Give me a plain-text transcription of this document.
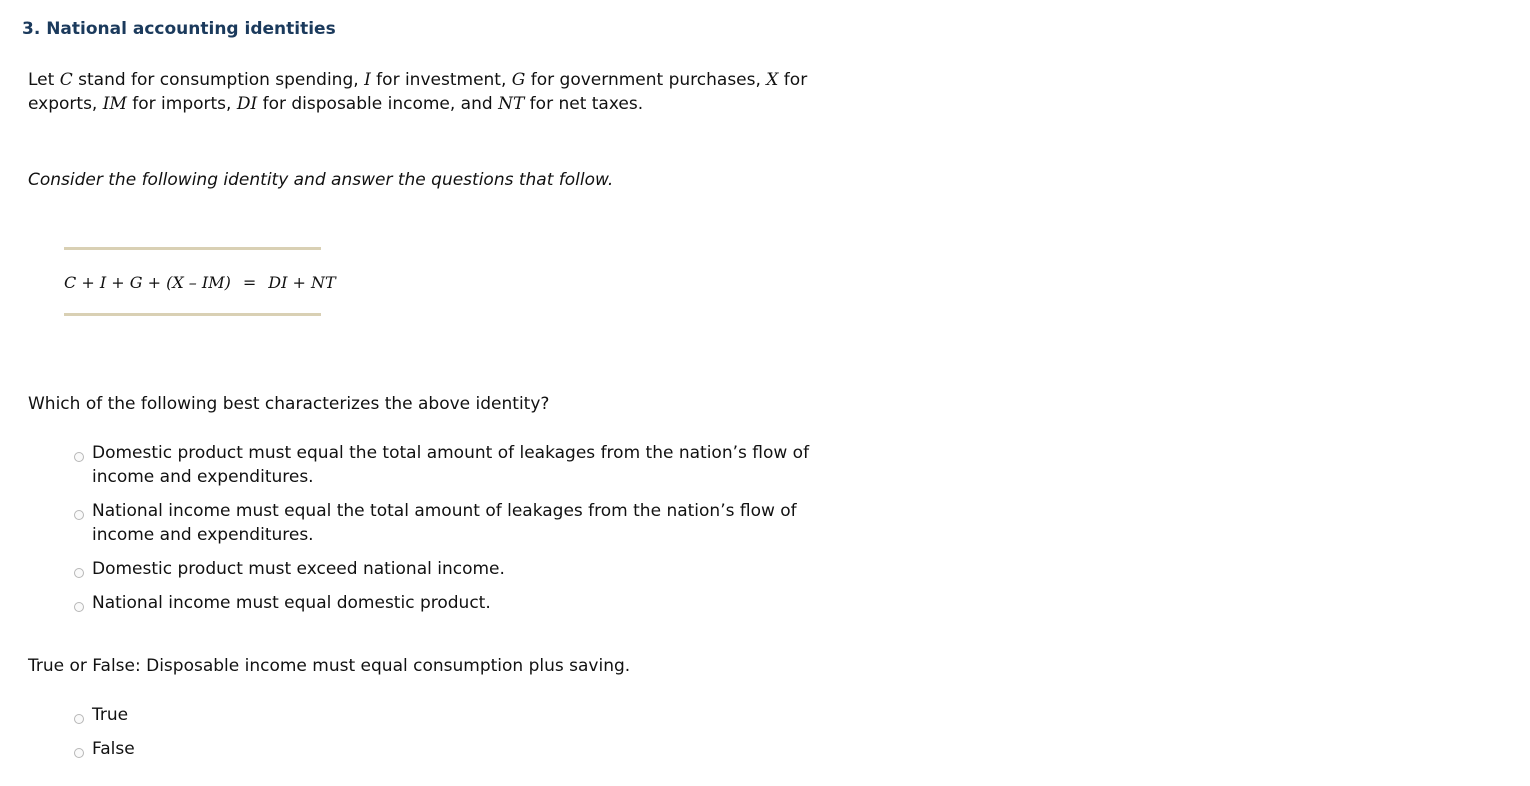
3. National accounting identities
Let C stand for consumption spending, I for investment, G for government purchases, X for exports, IM for imports, DI for disposable income, and NT for net taxes.
Consider the following identity and answer the questions that follow.
C + I + G + (X – IM) = DI + NT
Which of the following best characterizes the above identity?
Domestic product must equal the total amount of leakages from the nation’s flow of income and expenditures.
National income must equal the total amount of leakages from the nation’s flow of income and expenditures.
Domestic product must exceed national income.
National income must equal domestic product.
True or False: Disposable income must equal consumption plus saving.
True
False
